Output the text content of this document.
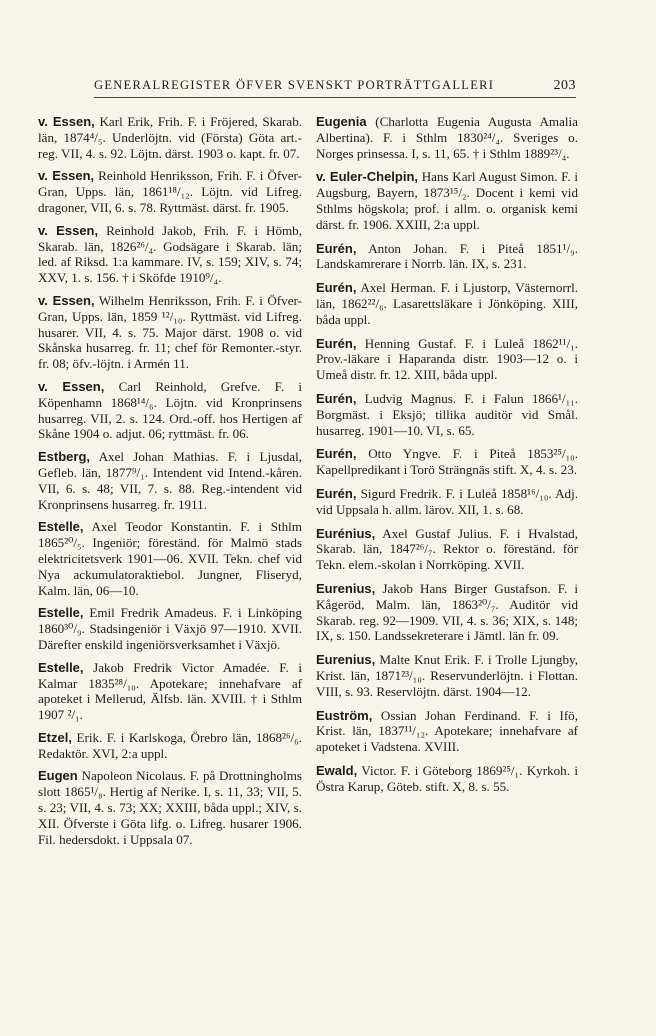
GENERALREGISTER ÖFVER SVENSKT PORTRÄTTGALLERI	203
v. Essen, Karl Erik, Frih. F. i Fröjered, Skarab. län, 1874⁴/₅. Underlöjtn. vid (Första) Göta art.-reg. VII, 4. s. 92. Löjtn. därst. 1903 o. kapt. fr. 07.
v. Essen, Reinhold Henriksson, Frih. F. i Öfver-Gran, Upps. län, 1861¹⁸/₁₂. Löjtn. vid Lifreg. dragoner, VII, 6. s. 78. Ryttmäst. därst. fr. 1905.
v. Essen, Reinhold Jakob, Frih. F. i Hömb, Skarab. län, 1826²⁶/₄. Godsägare i Skarab. län; led. af Riksd. 1:a kammare. IV, s. 159; XIV, s. 74; XXV, 1. s. 156. † i Sköfde 1910⁹/₄.
v. Essen, Wilhelm Henriksson, Frih. F. i Öfver-Gran, Upps. län, 1859 ¹²/₁₀. Ryttmäst. vid Lifreg. husarer. VII, 4. s. 75. Major därst. 1908 o. vid Skånska husarreg. fr. 11; chef för Remonter.-styr. fr. 08; öfv.-löjtn. i Armén 11.
v. Essen, Carl Reinhold, Grefve. F. i Köpenhamn 1868¹⁴/₆. Löjtn. vid Kronprinsens husarreg. VII, 2. s. 124. Ord.-off. hos Hertigen af Skåne 1904 o. adjut. 06; ryttmäst. fr. 06.
Estberg, Axel Johan Mathias. F. i Ljusdal, Gefleb. län, 1877⁹/₁. Intendent vid Intend.-kåren. VII, 6. s. 48; VII, 7. s. 88. Reg.-intendent vid Kronprinsens husarreg. fr. 1911.
Estelle, Axel Teodor Konstantin. F. i Sthlm 1865²⁰/₅. Ingeniör; föreständ. för Malmö stads elektricitetsverk 1901—06. XVII. Tekn. chef vid Nya ackumulatoraktiebol. Jungner, Fliseryd, Kalm. län, 06—10.
Estelle, Emil Fredrik Amadeus. F. i Linköping 1860³⁰/₉. Stadsingeniör i Växjö 97—1910. XVII. Därefter enskild ingeniörsverksamhet i Växjö.
Estelle, Jakob Fredrik Victor Amadée. F. i Kalmar 1835²⁸/₁₀. Apotekare; innehafvare af apoteket i Mellerud, Älfsb. län. XVIII. † i Sthlm 1907 ²/₁.
Etzel, Erik. F. i Karlskoga, Örebro län, 1868²⁶/₆. Redaktör. XVI, 2:a uppl.
Eugen Napoleon Nicolaus. F. på Drottningholms slott 1865¹/₈. Hertig af Nerike. I, s. 11, 33; VII, 5. s. 23; VII, 4. s. 73; XX; XXIII, båda uppl.; XIV, s. XII. Öfverste i Göta lifg. o. Lifreg. husarer 1906. Fil. hedersdokt. i Uppsala 07.
Eugenia (Charlotta Eugenia Augusta Amalia Albertina). F. i Sthlm 1830²⁴/₄. Sveriges o. Norges prinsessa. I, s. 11, 65. † i Sthlm 1889²³/₄.
v. Euler-Chelpin, Hans Karl August Simon. F. i Augsburg, Bayern, 1873¹⁵/₂. Docent i kemi vid Sthlms högskola; prof. i allm. o. organisk kemi därst. fr. 1906. XXIII, 2:a uppl.
Eurén, Anton Johan. F. i Piteå 1851¹/₉. Landskamrerare i Norrb. län. IX, s. 231.
Eurén, Axel Herman. F. i Ljustorp, Västernorrl. län, 1862²²/₆. Lasarettsläkare i Jönköping. XIII, båda uppl.
Eurén, Henning Gustaf. F. i Luleå 1862¹¹/₁. Prov.-läkare i Haparanda distr. 1903—12 o. i Umeå distr. fr. 12. XIII, båda uppl.
Eurén, Ludvig Magnus. F. i Falun 1866¹/₁₁. Borgmäst. i Eksjö; tillika auditör vid Smål. husarreg. 1901—10. VI, s. 65.
Eurén, Otto Yngve. F. i Piteå 1853²⁵/₁₀. Kapellpredikant i Torö Strängnäs stift. X, 4. s. 23.
Eurén, Sigurd Fredrik. F. i Luleå 1858¹⁶/₁₀. Adj. vid Uppsala h. allm. lärov. XII, 1. s. 68.
Eurénius, Axel Gustaf Julius. F. i Hvalstad, Skarab. län, 1847²⁶/₇. Rektor o. föreständ. för Tekn. elem.-skolan i Norrköping. XVII.
Eurenius, Jakob Hans Birger Gustafson. F. i Kågeröd, Malm. län, 1863²⁰/₇. Auditör vid Skarab. reg. 92—1909. VII, 4. s. 36; XIX, s. 148; IX, s. 150. Landssekreterare i Jämtl. län fr. 09.
Eurenius, Malte Knut Erik. F. i Trolle Ljungby, Krist. län, 1871²³/₁₀. Reservunderlöjtn. i Flottan. VIII, s. 93. Reservlöjtn. därst. 1904—12.
Euström, Ossian Johan Ferdinand. F. i Ifö, Krist. län, 1837¹¹/₁₂. Apotekare; innehafvare af apoteket i Vadstena. XVIII.
Ewald, Victor. F. i Göteborg 1869²⁵/₁. Kyrkoh. i Östra Karup, Göteb. stift. X, 8. s. 55.
